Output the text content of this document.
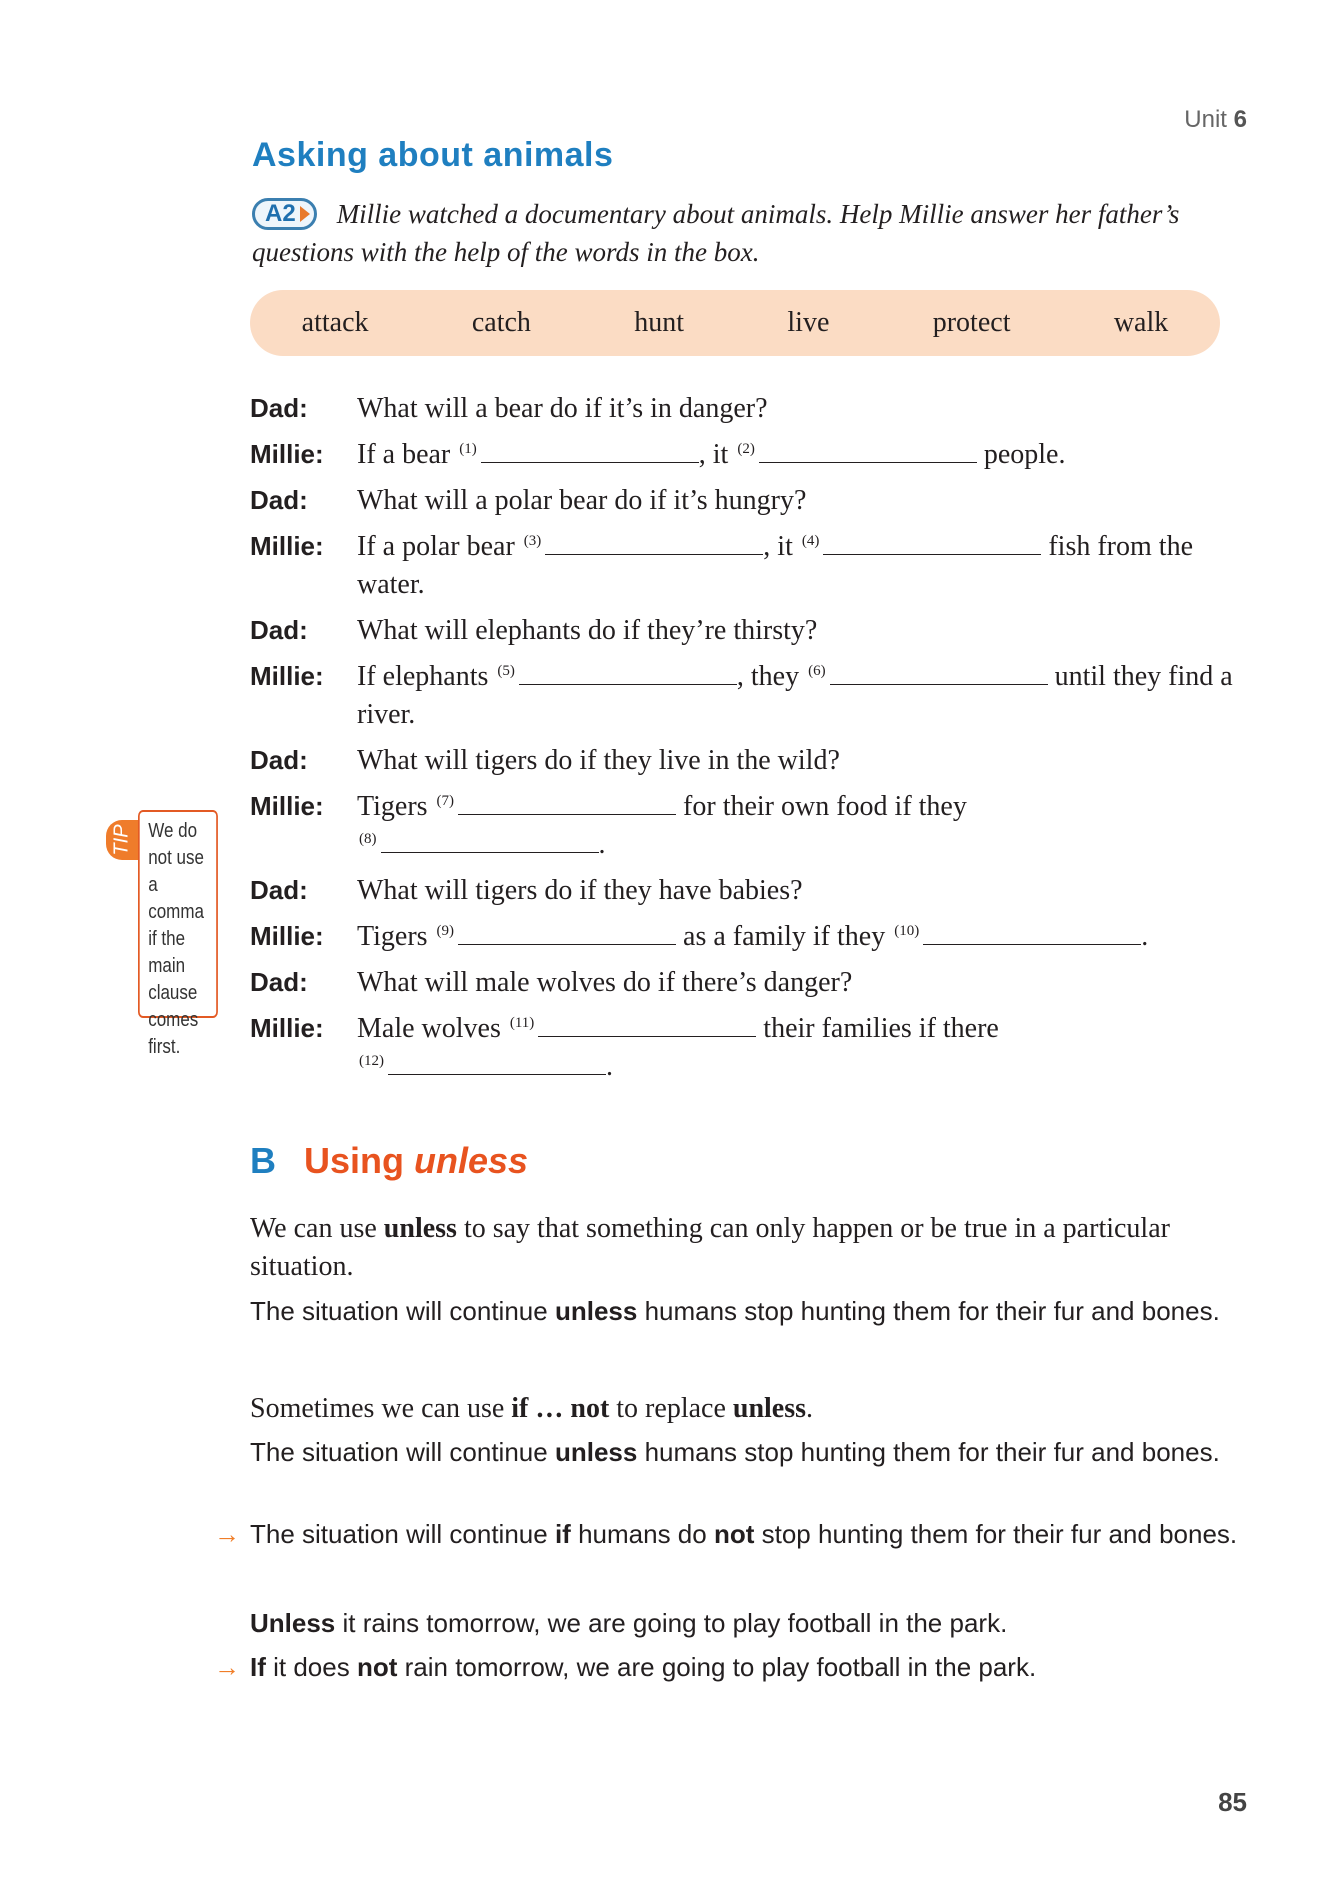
Unit 6
Asking about animals
A2 Millie watched a documentary about animals. Help Millie answer her father’s questions with the help of the words in the box.
attack	catch	hunt	live	protect	walk
Dad:	What will a bear do if it’s in danger?
Millie:	If a bear $^{(1)}$	, it $^{(2)}$	people.
Dad:	What will a polar bear do if it’s hungry?
Millie:	If a polar bear $^{(3)}$	, it $^{(4)}$	fish from the water.
Dad:	What will elephants do if they’re thirsty?
Millie:	If elephants $^{(5)}$	, they $^{(6)}$	until they find a river.
Dad:	What will tigers do if they live in the wild?
Millie:	Tigers $^{(7)}$	for their own food if they
$^{(8)}$	.
Dad:	What will tigers do if they have babies?
Millie:	Tigers $^{(9)}$	as a family if they $^{(10)}$	.
Dad:	What will male wolves do if there’s danger?
Millie:	Male wolves $^{(11)}$	their families if there
$^{(12)}$	.
TIP We do not use a comma if the main clause comes first.
B Using unless
We can use unless to say that something can only happen or be true in a particular situation.
The situation will continue unless humans stop hunting them for their fur and bones.
Sometimes we can use if … not to replace unless.
The situation will continue unless humans stop hunting them for their fur and bones.
→ The situation will continue if humans do not stop hunting them for their fur and bones.
Unless it rains tomorrow, we are going to play football in the park.
→ If it does not rain tomorrow, we are going to play football in the park.
85
